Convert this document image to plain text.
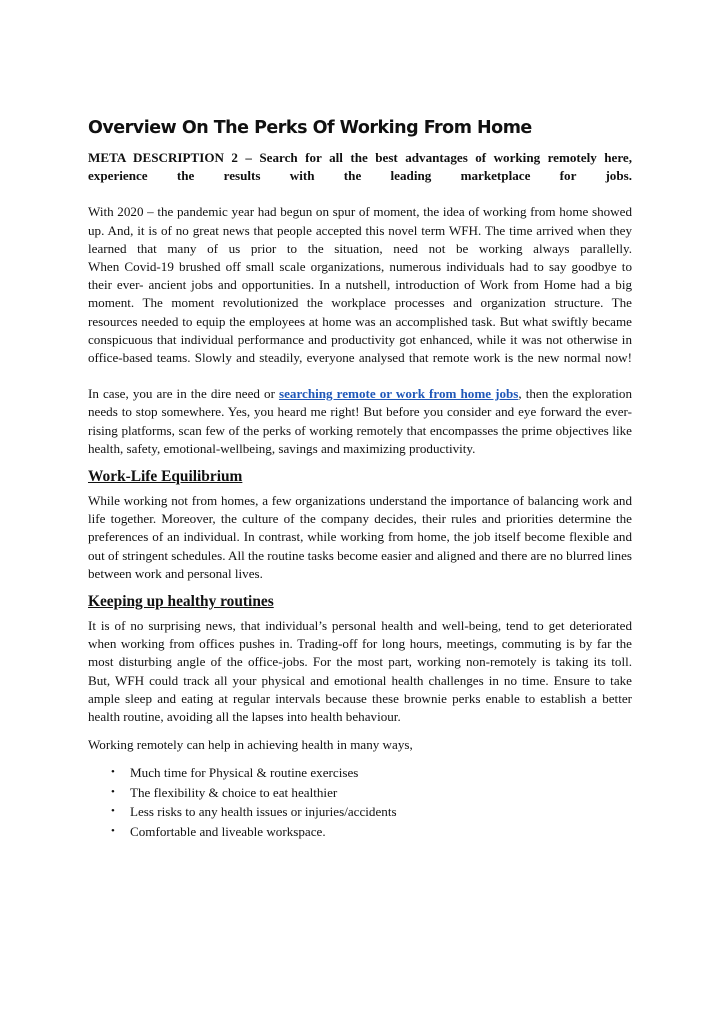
Overview On The Perks Of Working From Home

META DESCRIPTION 2 – Search for all the best advantages of working remotely here, experience the results with the leading marketplace for jobs.

With 2020 – the pandemic year had begun on spur of moment, the idea of working from home showed up. And, it is of no great news that people accepted this novel term WFH. The time arrived when they learned that many of us prior to the situation, need not be working always parallelly.

When Covid-19 brushed off small scale organizations, numerous individuals had to say goodbye to their ever- ancient jobs and opportunities. In a nutshell, introduction of Work from Home had a big moment. The moment revolutionized the workplace processes and organization structure. The resources needed to equip the employees at home was an accomplished task. But what swiftly became conspicuous that individual performance and productivity got enhanced, while it was not otherwise in office-based teams. Slowly and steadily, everyone analysed that remote work is the new normal now!

In case, you are in the dire need or searching remote or work from home jobs, then the exploration needs to stop somewhere. Yes, you heard me right! But before you consider and eye forward the ever-rising platforms, scan few of the perks of working remotely that encompasses the prime objectives like health, safety, emotional-wellbeing, savings and maximizing productivity.

Work-Life Equilibrium

While working not from homes, a few organizations understand the importance of balancing work and life together. Moreover, the culture of the company decides, their rules and priorities determine the preferences of an individual. In contrast, while working from home, the job itself become flexible and out of stringent schedules. All the routine tasks become easier and aligned and there are no blurred lines between work and personal lives.

Keeping up healthy routines

It is of no surprising news, that individual’s personal health and well-being, tend to get deteriorated when working from offices pushes in. Trading-off for long hours, meetings, commuting is by far the most disturbing angle of the office-jobs. For the most part, working non-remotely is taking its toll.

But, WFH could track all your physical and emotional health challenges in no time. Ensure to take ample sleep and eating at regular intervals because these brownie perks enable to establish a better health routine, avoiding all the lapses into health behaviour.

Working remotely can help in achieving health in many ways,

• Much time for Physical & routine exercises
• The flexibility & choice to eat healthier
• Less risks to any health issues or injuries/accidents
• Comfortable and liveable workspace.
